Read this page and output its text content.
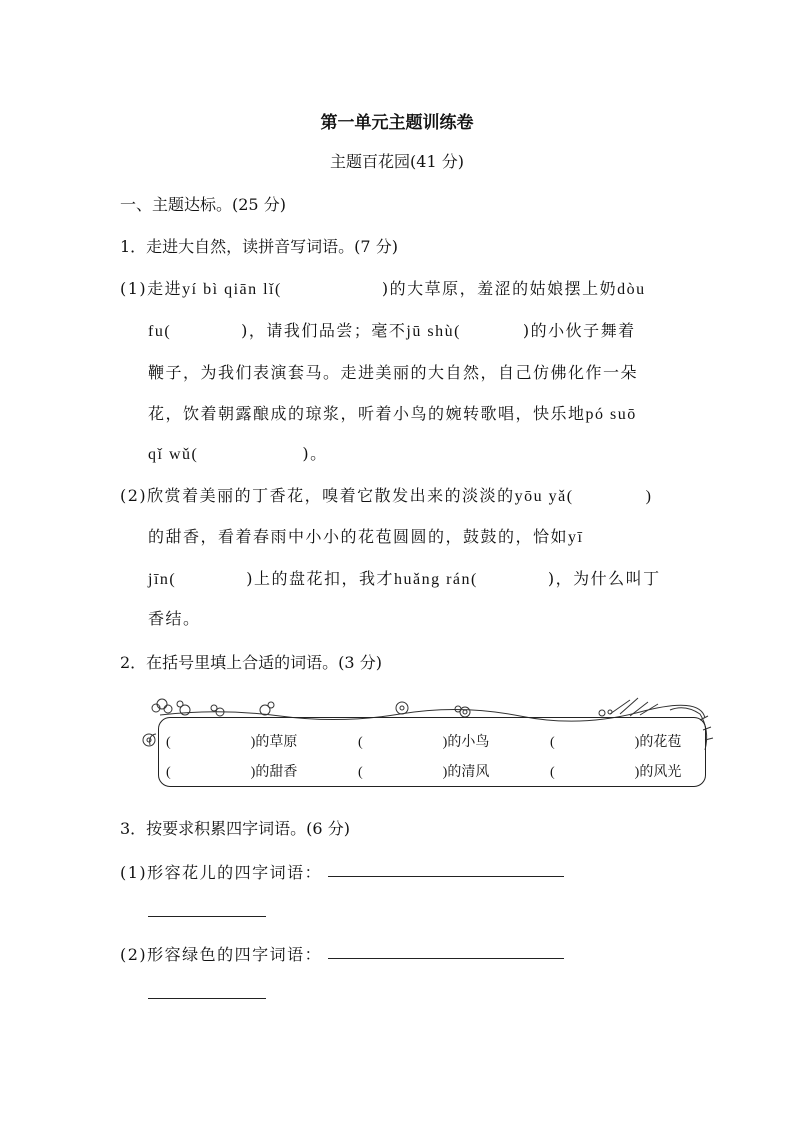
第一单元主题训练卷
主题百花园(41 分)
一、主题达标。(25 分)
1．走进大自然，读拼音写词语。(7 分)
(1)走进yí bì qiān lǐ(	)的大草原，羞涩的姑娘摆上奶dòu
fu(	)，请我们品尝；毫不jū shù(	)的小伙子舞着
鞭子，为我们表演套马。走进美丽的大自然，自己仿佛化作一朵
花，饮着朝露酿成的琼浆，听着小鸟的婉转歌唱，快乐地pó suō
qǐ wǔ(	)。
(2)欣赏着美丽的丁香花，嗅着它散发出来的淡淡的yōu yǎ(	)
的甜香，看着春雨中小小的花苞圆圆的，鼓鼓的，恰如yī
jīn(	)上的盘花扣，我才huǎng rán(	)，为什么叫丁
香结。
2．在括号里填上合适的词语。(3 分)
(	)的草原	(	)的小鸟	(	)的花苞
(	)的甜香	(	)的清风	(	)的风光
3．按要求积累四字词语。(6 分)
(1)形容花儿的四字词语：
(2)形容绿色的四字词语：
